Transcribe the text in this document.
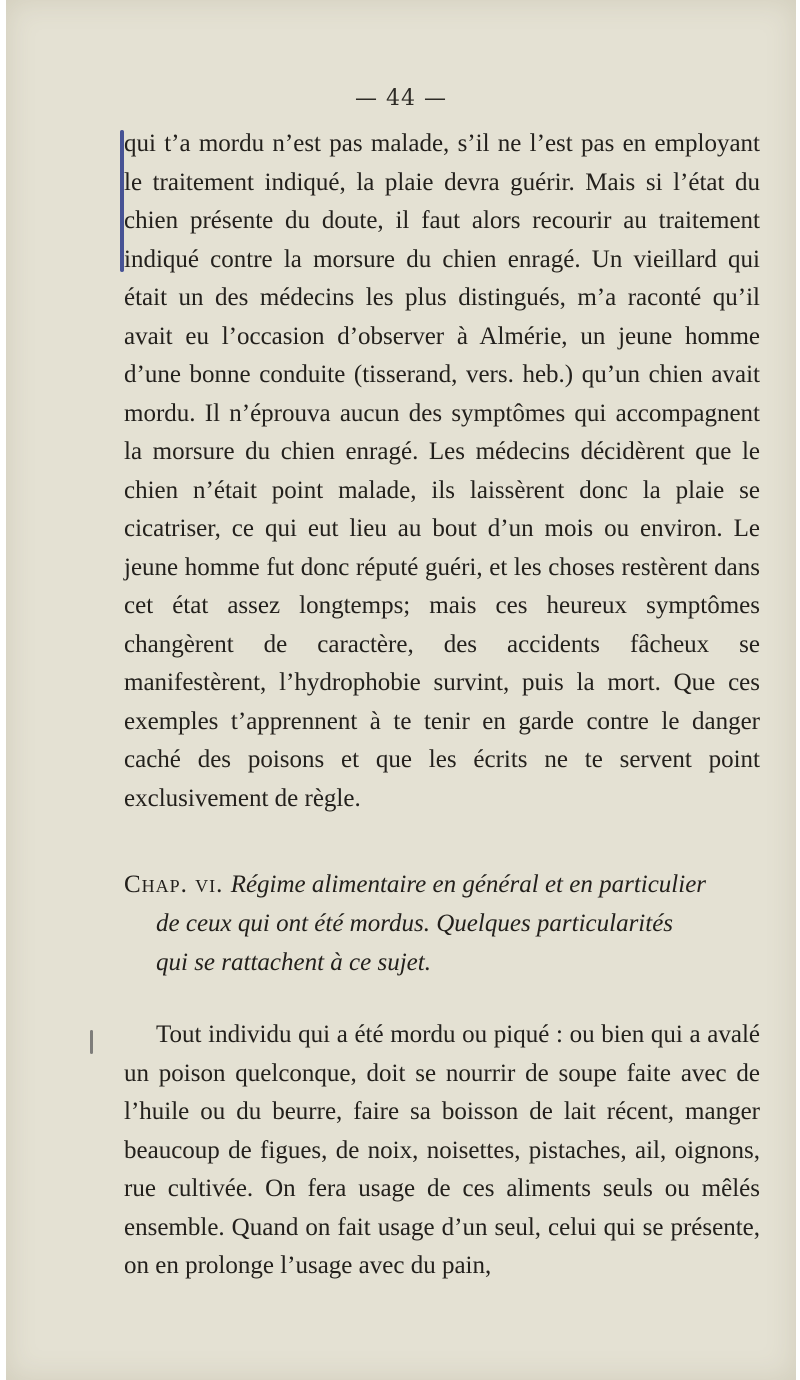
— 44 —

qui t’a mordu n’est pas malade, s’il ne l’est pas en employant le traitement indiqué, la plaie devra guérir. Mais si l’état du chien présente du doute, il faut alors recourir au traitement indiqué contre la morsure du chien enragé. Un vieillard qui était un des médecins les plus distingués, m’a raconté qu’il avait eu l’occasion d’observer à Almérie, un jeune homme d’une bonne conduite (tisserand, vers. heb.) qu’un chien avait mordu. Il n’éprouva aucun des symptômes qui accompagnent la morsure du chien enragé. Les médecins décidèrent que le chien n’était point malade, ils laissèrent donc la plaie se cicatriser, ce qui eut lieu au bout d’un mois ou environ. Le jeune homme fut donc réputé guéri, et les choses restèrent dans cet état assez longtemps; mais ces heureux symptômes changèrent de caractère, des accidents fâcheux se manifestèrent, l’hydrophobie survint, puis la mort. Que ces exemples t’apprennent à te tenir en garde contre le danger caché des poisons et que les écrits ne te servent point exclusivement de règle.

Chap. vi. Régime alimentaire en général et en particulier
de ceux qui ont été mordus. Quelques particularités
qui se rattachent à ce sujet.

Tout individu qui a été mordu ou piqué : ou bien qui a avalé un poison quelconque, doit se nourrir de soupe faite avec de l’huile ou du beurre, faire sa boisson de lait récent, manger beaucoup de figues, de noix, noisettes, pistaches, ail, oignons, rue cultivée. On fera usage de ces aliments seuls ou mêlés ensemble. Quand on fait usage d’un seul, celui qui se présente, on en prolonge l’usage avec du pain,
